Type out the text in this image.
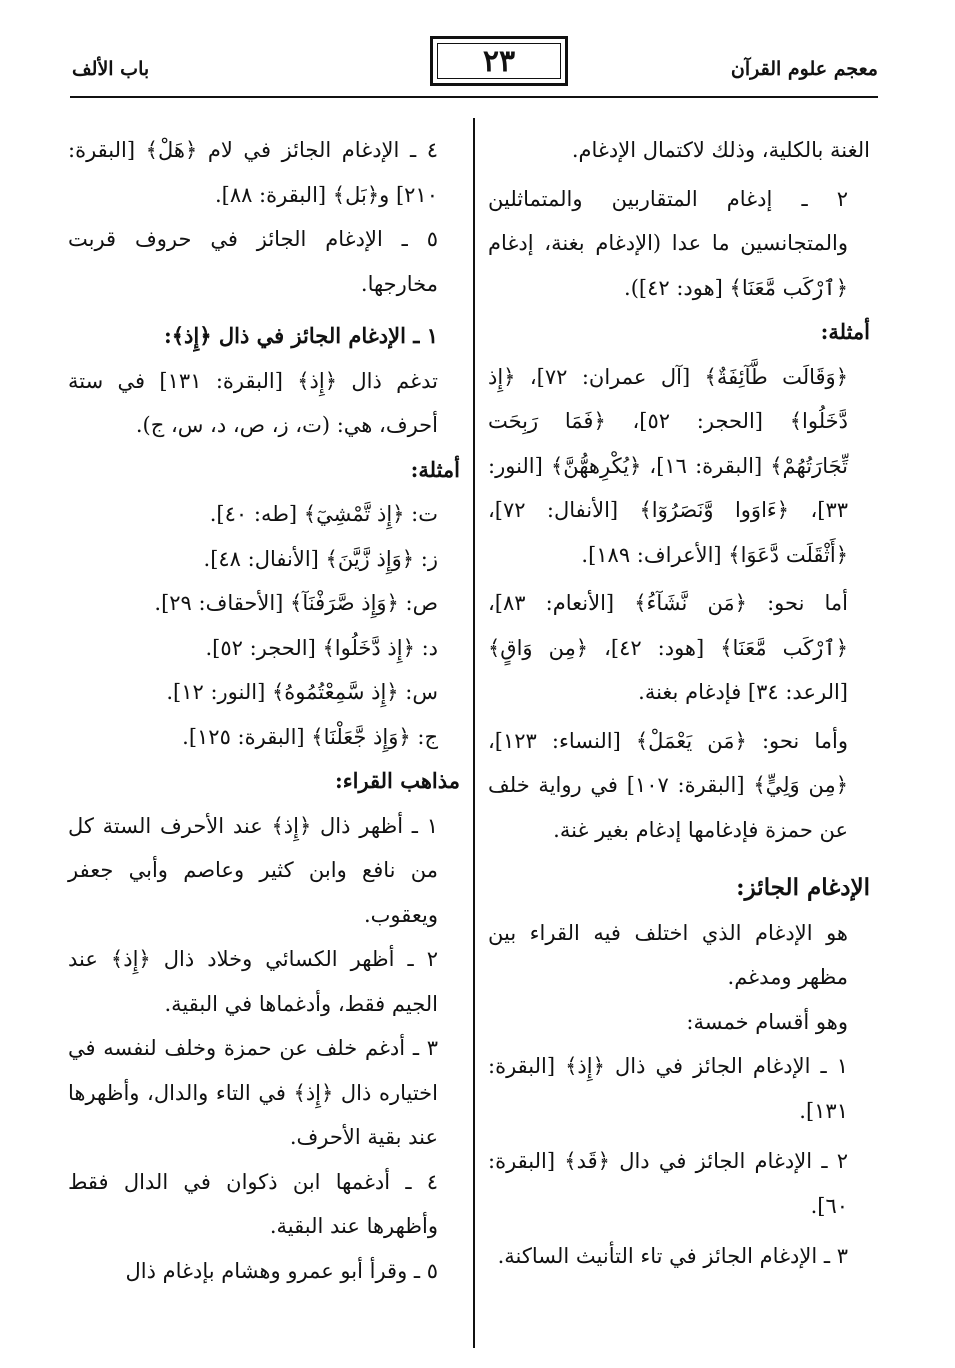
معجم علوم القرآن
٢٣
باب الألف

الغنة بالكلية، وذلك لاكتمال الإدغام.

٢ ـ إدغام المتقاربين والمتماثلين والمتجانسين ما عدا (الإدغام بغنة، إدغام ﴿ٱرْكَب مَّعَنَا﴾ [هود: ٤٢]).

أمثلة:

﴿وَقَالَت طَّآئِفَةٌ﴾ [آل عمران: ٧٢]، ﴿إِذ دَّخَلُوا﴾ [الحجر: ٥٢]، ﴿فَمَا رَبِحَت تِّجَارَتُهُمْ﴾ [البقرة: ١٦]، ﴿يُكْرِههُّنَّ﴾ [النور: ٣٣]، ﴿ءَاوَوا وَّنَصَرُوٓا﴾ [الأنفال: ٧٢]، ﴿أَثْقَلَت دَّعَوَا﴾ [الأعراف: ١٨٩].

أما نحو: ﴿مَن نَّشَآءُ﴾ [الأنعام: ٨٣]، ﴿ٱرْكَب مَّعَنَا﴾ [هود: ٤٢]، ﴿مِن وَاقٍ﴾ [الرعد: ٣٤] فإدغام بغنة.

وأما نحو: ﴿مَن يَعْمَلْ﴾ [النساء: ١٢٣]، ﴿مِن وَلِيٍّ﴾ [البقرة: ١٠٧] في رواية خلف عن حمزة فإدغامها إدغام بغير غنة.

الإدغام الجائز:

هو الإدغام الذي اختلف فيه القراء بين مظهر ومدغم.

وهو أقسام خمسة:

١ ـ الإدغام الجائز في ذال ﴿إِذ﴾ [البقرة: ١٣١].

٢ ـ الإدغام الجائز في دال ﴿قَد﴾ [البقرة: ٦٠].

٣ ـ الإدغام الجائز في تاء التأنيث الساكنة.

٤ ـ الإدغام الجائز في لام ﴿هَلْ﴾ [البقرة: ٢١٠] و﴿بَل﴾ [البقرة: ٨٨].

٥ ـ الإدغام الجائز في حروف قربت مخارجها.

١ ـ الإدغام الجائز في ذال ﴿إِذ﴾:

تدغم ذال ﴿إِذ﴾ [البقرة: ١٣١] في ستة أحرف، هي: (ت، ز، ص، د، س، ج).

أمثلة:

ت: ﴿إِذ تَّمْشِيٓ﴾ [طه: ٤٠].

ز: ﴿وَإِذ زَّيَّنَ﴾ [الأنفال: ٤٨].

ص: ﴿وَإِذ صَّرَفْنَآ﴾ [الأحقاف: ٢٩].

د: ﴿إِذ دَّخَلُوا﴾ [الحجر: ٥٢].

س: ﴿إِذ سَّمِعْتُمُوهُ﴾ [النور: ١٢].

ج: ﴿وَإِذ جَّعَلْنَا﴾ [البقرة: ١٢٥].

مذاهب القراء:

١ ـ أظهر ذال ﴿إِذ﴾ عند الأحرف الستة كل من نافع وابن كثير وعاصم وأبي جعفر ويعقوب.

٢ ـ أظهر الكسائي وخلاد ذال ﴿إِذ﴾ عند الجيم فقط، وأدغماها في البقية.

٣ ـ أدغم خلف عن حمزة وخلف لنفسه في اختياره ذال ﴿إِذ﴾ في التاء والدال، وأظهرها عند بقية الأحرف.

٤ ـ أدغمها ابن ذكوان في الدال فقط وأظهرها عند البقية.

٥ ـ وقرأ أبو عمرو وهشام بإدغام ذال
